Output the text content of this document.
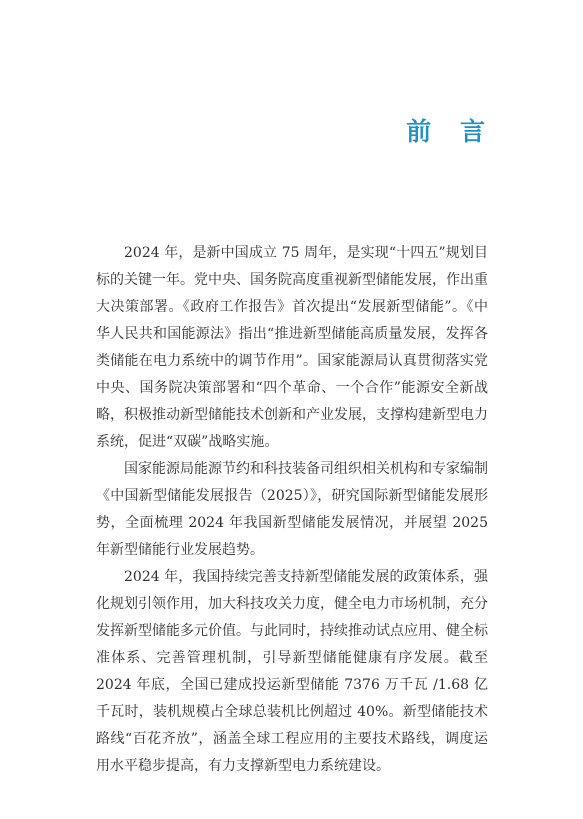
前 言

2024 年，是新中国成立 75 周年，是实现“十四五”规划目标的关键一年。党中央、国务院高度重视新型储能发展，作出重大决策部署。《政府工作报告》首次提出“发展新型储能”。《中华人民共和国能源法》指出“推进新型储能高质量发展，发挥各类储能在电力系统中的调节作用”。国家能源局认真贯彻落实党中央、国务院决策部署和“四个革命、一个合作”能源安全新战略，积极推动新型储能技术创新和产业发展，支撑构建新型电力系统，促进“双碳”战略实施。

国家能源局能源节约和科技装备司组织相关机构和专家编制《中国新型储能发展报告（2025）》，研究国际新型储能发展形势，全面梳理 2024 年我国新型储能发展情况，并展望 2025 年新型储能行业发展趋势。

2024 年，我国持续完善支持新型储能发展的政策体系，强化规划引领作用，加大科技攻关力度，健全电力市场机制，充分发挥新型储能多元价值。与此同时，持续推动试点应用、健全标准体系、完善管理机制，引导新型储能健康有序发展。截至 2024 年底，全国已建成投运新型储能 7376 万千瓦 /1.68 亿千瓦时，装机规模占全球总装机比例超过 40%。新型储能技术路线“百花齐放”，涵盖全球工程应用的主要技术路线，调度运用水平稳步提高，有力支撑新型电力系统建设。
